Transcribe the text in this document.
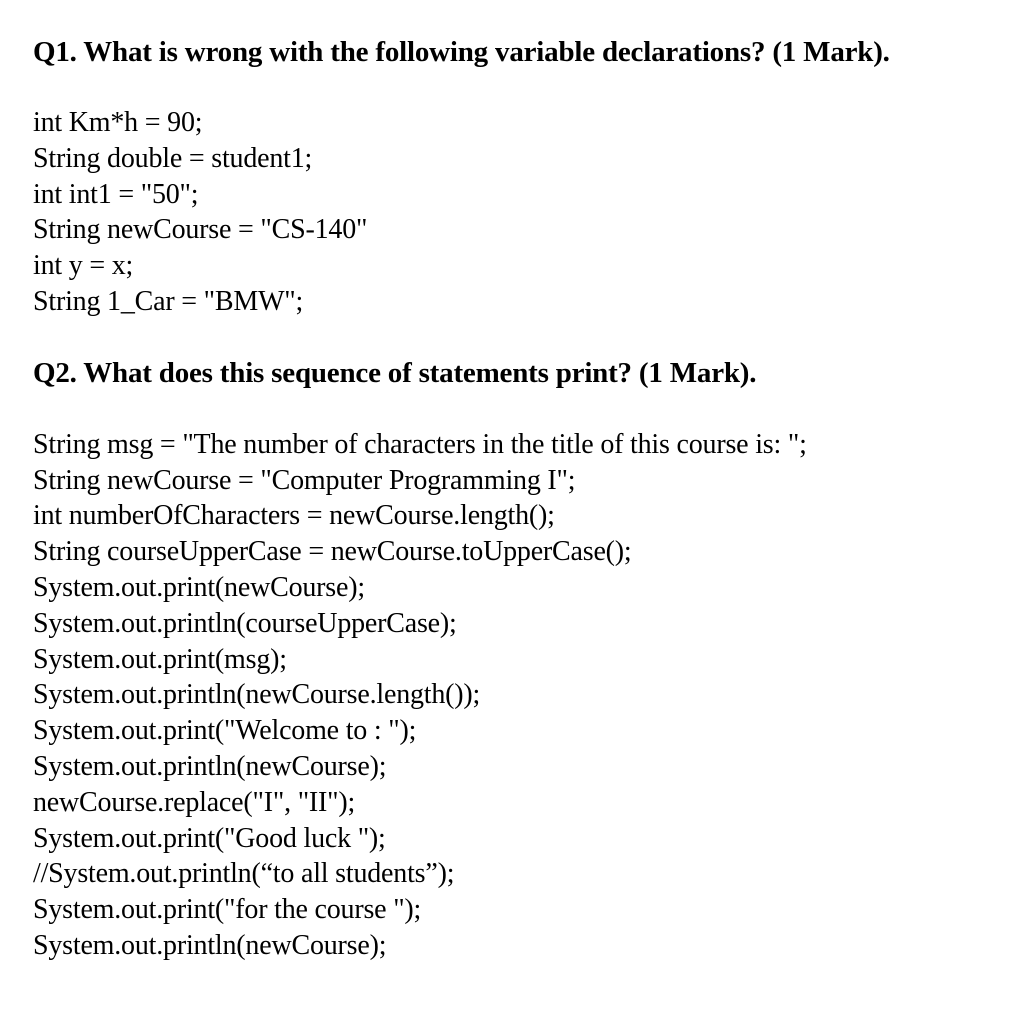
Q1. What is wrong with the following variable declarations? (1 Mark).
int Km*h = 90;
String double = student1;
int int1 = "50";
String newCourse = "CS-140"
int y = x;
String 1_Car = "BMW";
Q2. What does this sequence of statements print? (1 Mark).
String msg = "The number of characters in the title of this course is: ";
String newCourse = "Computer Programming I";
int numberOfCharacters = newCourse.length();
String courseUpperCase = newCourse.toUpperCase();
System.out.print(newCourse);
System.out.println(courseUpperCase);
System.out.print(msg);
System.out.println(newCourse.length());
System.out.print("Welcome to : ");
System.out.println(newCourse);
newCourse.replace("I", "II");
System.out.print("Good luck ");
//System.out.println(“to all students”);
System.out.print("for the course ");
System.out.println(newCourse);
